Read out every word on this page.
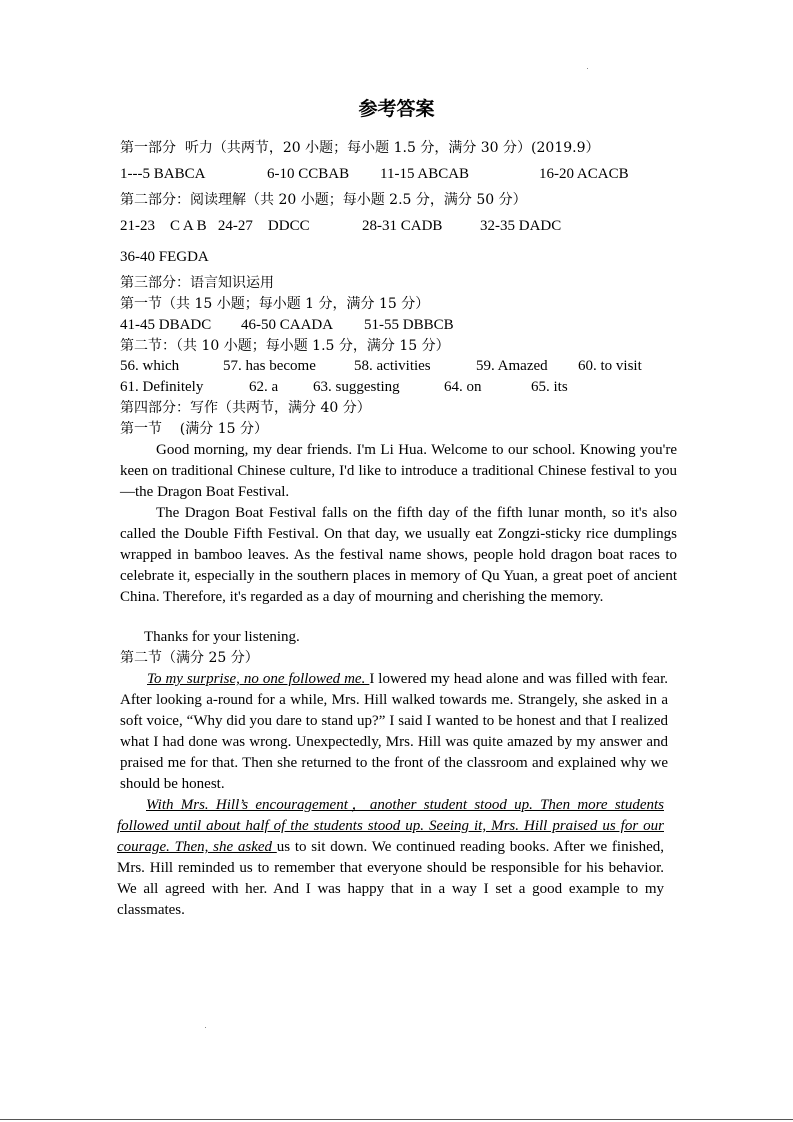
参考答案
第一部分  听力（共两节，20 小题；每小题 1.5 分，满分 30 分）(2019.9）
1---5 BABCA	6-10 CCBAB 11-15 ABCAB	16-20 ACACB
第二部分：阅读理解（共 20 小题；每小题 2.5 分，满分 50 分）
21-23    C A B   24-27    DDCC	28-31 CADB	32-35 DADC
36-40 FEGDA
第三部分：语言知识运用
第一节（共 15 小题；每小题 1 分，满分 15 分）
41-45 DBADC 46-50 CAADA 51-55 DBBCB
第二节：（共 10 小题；每小题 1.5 分，满分 15 分）
56. which	57. has become	58. activities	59. Amazed 60. to visit
61. Definitely	62. a 63. suggesting	64. on	65. its
第四部分：写作（共两节，满分 40 分）
第一节    (满分 15 分）
Good morning, my dear friends. I'm Li Hua. Welcome to our school. Knowing you're keen on traditional Chinese culture, I'd like to introduce a traditional Chinese festival to you—the Dragon Boat Festival.
The Dragon Boat Festival falls on the fifth day of the fifth lunar month, so it's also called the Double Fifth Festival. On that day, we usually eat Zongzi-sticky rice dumplings wrapped in bamboo leaves. As the festival name shows, people hold dragon boat races to celebrate it, especially in the southern places in memory of Qu Yuan, a great poet of ancient China. Therefore, it's regarded as a day of mourning and cherishing the memory.
Thanks for your listening.
第二节（满分 25 分）
To my surprise, no one followed me. I lowered my head alone and was filled with fear. After looking a-round for a while, Mrs. Hill walked towards me. Strangely, she asked in a soft voice, “Why did you dare to stand up?” I said I wanted to be honest and that I realized what I had done was wrong. Unexpectedly, Mrs. Hill was quite amazed by my answer and praised me for that. Then she returned to the front of the classroom and explained why we should be honest.
With Mrs. Hill’s encouragement，another student stood up. Then more students followed until about half of the students stood up. Seeing it, Mrs. Hill praised us for our courage. Then, she asked us to sit down. We continued reading books. After we finished, Mrs. Hill reminded us to remember that everyone should be responsible for his behavior. We all agreed with her. And I was happy that in a way I set a good example to my classmates.
